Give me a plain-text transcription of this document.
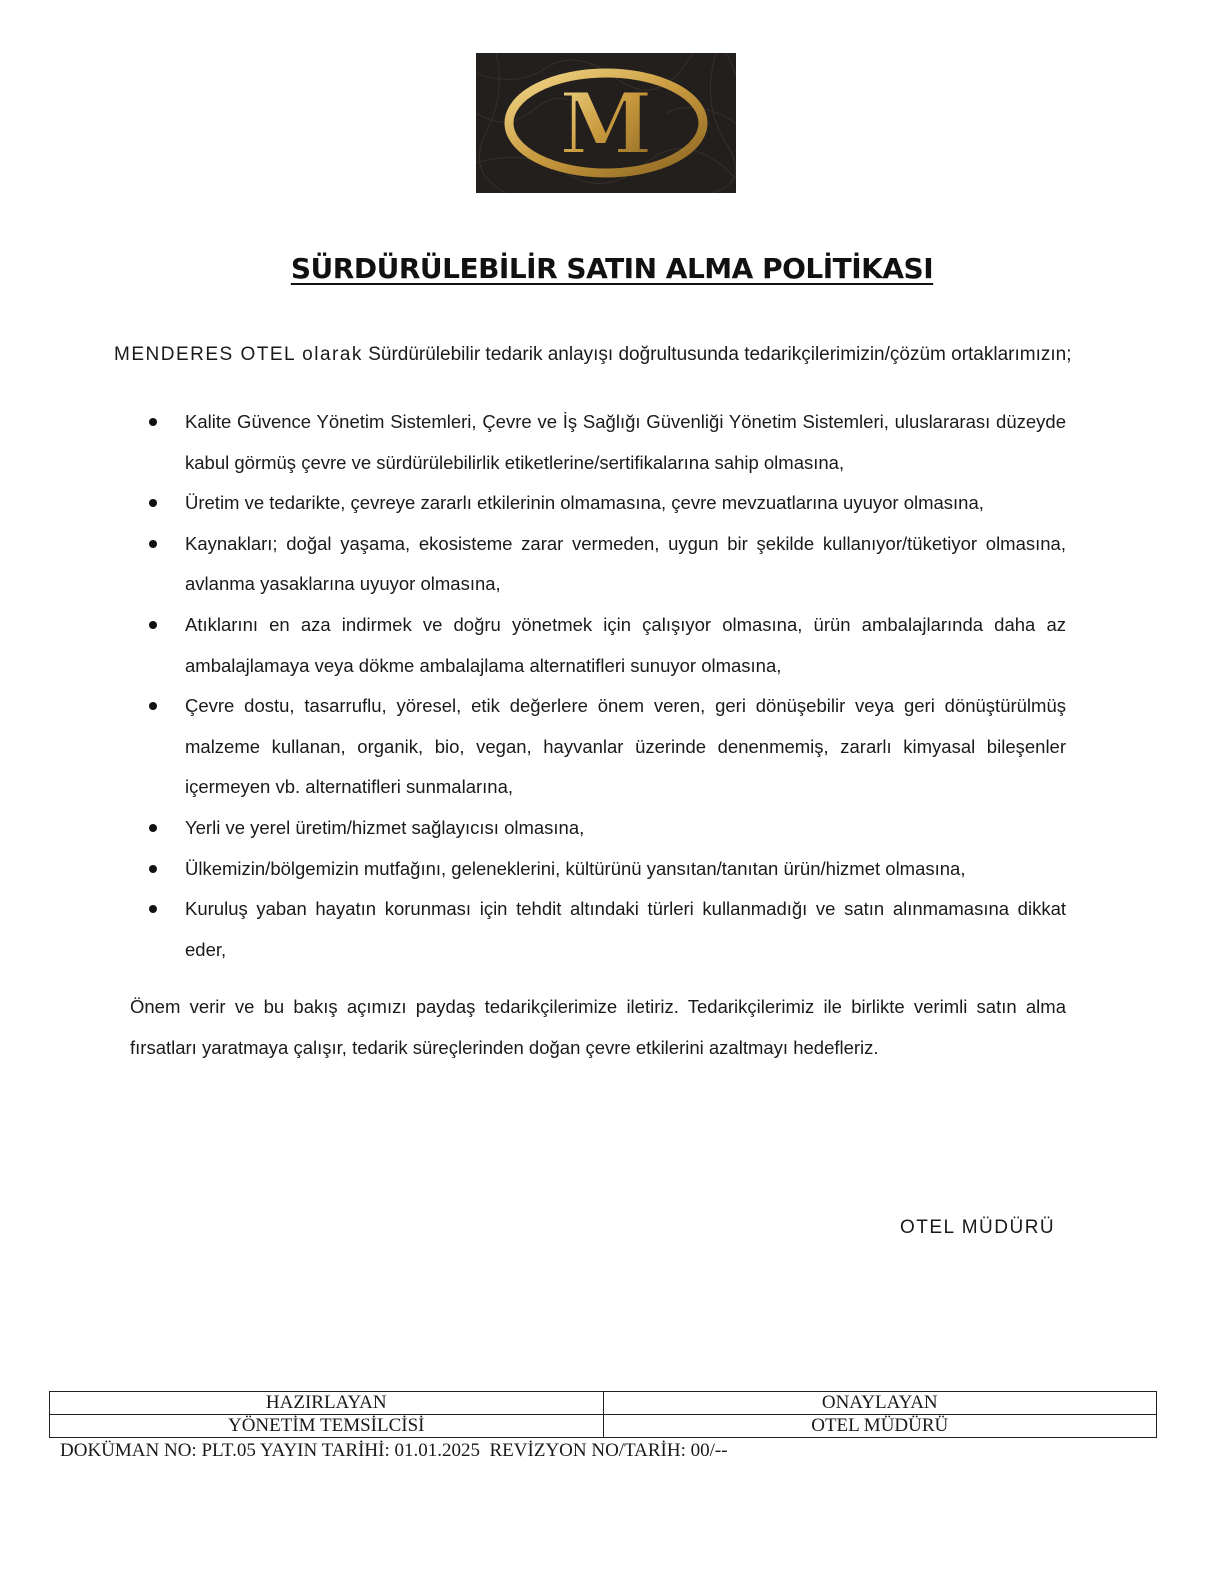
M
SÜRDÜRÜLEBİLİR SATIN ALMA POLİTİKASI
MENDERES OTEL olarak Sürdürülebilir tedarik anlayışı doğrultusunda tedarikçilerimizin/çözüm ortaklarımızın;
Kalite Güvence Yönetim Sistemleri, Çevre ve İş Sağlığı Güvenliği Yönetim Sistemleri, uluslararası düzeyde kabul görmüş çevre ve sürdürülebilirlik etiketlerine/sertifikalarına sahip olmasına,
Üretim ve tedarikte, çevreye zararlı etkilerinin olmamasına, çevre mevzuatlarına uyuyor olmasına,
Kaynakları; doğal yaşama, ekosisteme zarar vermeden, uygun bir şekilde kullanıyor/tüketiyor olmasına, avlanma yasaklarına uyuyor olmasına,
Atıklarını en aza indirmek ve doğru yönetmek için çalışıyor olmasına, ürün ambalajlarında daha az ambalajlamaya veya dökme ambalajlama alternatifleri sunuyor olmasına,
Çevre dostu, tasarruflu, yöresel, etik değerlere önem veren, geri dönüşebilir veya geri dönüştürülmüş malzeme kullanan, organik, bio, vegan, hayvanlar üzerinde denenmemiş, zararlı kimyasal bileşenler içermeyen vb. alternatifleri sunmalarına,
Yerli ve yerel üretim/hizmet sağlayıcısı olmasına,
Ülkemizin/bölgemizin mutfağını, geleneklerini, kültürünü yansıtan/tanıtan ürün/hizmet olmasına,
Kuruluş yaban hayatın korunması için tehdit altındaki türleri kullanmadığı ve satın alınmamasına dikkat eder,
Önem verir ve bu bakış açımızı paydaş tedarikçilerimize iletiriz. Tedarikçilerimiz ile birlikte verimli satın alma fırsatları yaratmaya çalışır, tedarik süreçlerinden doğan çevre etkilerini azaltmayı hedefleriz.
OTEL MÜDÜRÜ
HAZIRLAYAN	ONAYLAYAN
YÖNETİM TEMSİLCİSİ	OTEL MÜDÜRÜ
DOKÜMAN NO: PLT.05 YAYIN TARİHİ: 01.01.2025  REVİZYON NO/TARİH: 00/--
